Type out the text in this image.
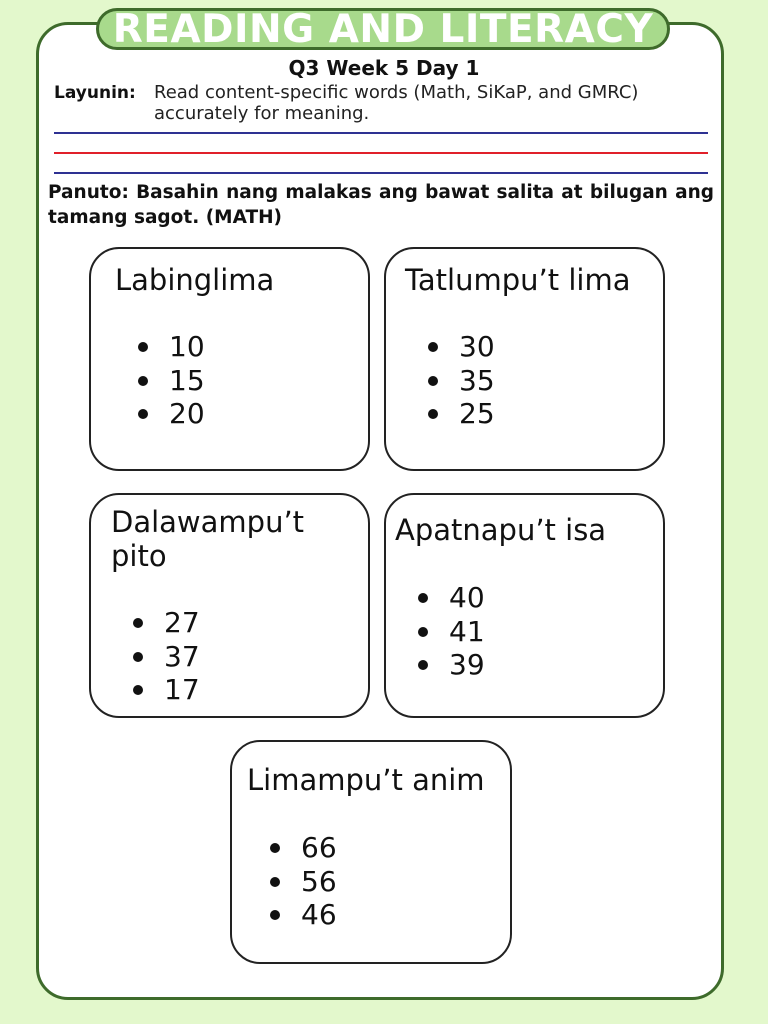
READING AND LITERACY
Q3 Week 5 Day 1
Layunin: Read content-specific words (Math, SiKaP, and GMRC) accurately for meaning.
Panuto: Basahin nang malakas ang bawat salita at bilugan ang tamang sagot. (MATH)
Labinglima
10
15
20
Tatlumpu’t lima
30
35
25
Dalawampu’t pito
27
37
17
Apatnapu’t isa
40
41
39
Limampu’t anim
66
56
46
